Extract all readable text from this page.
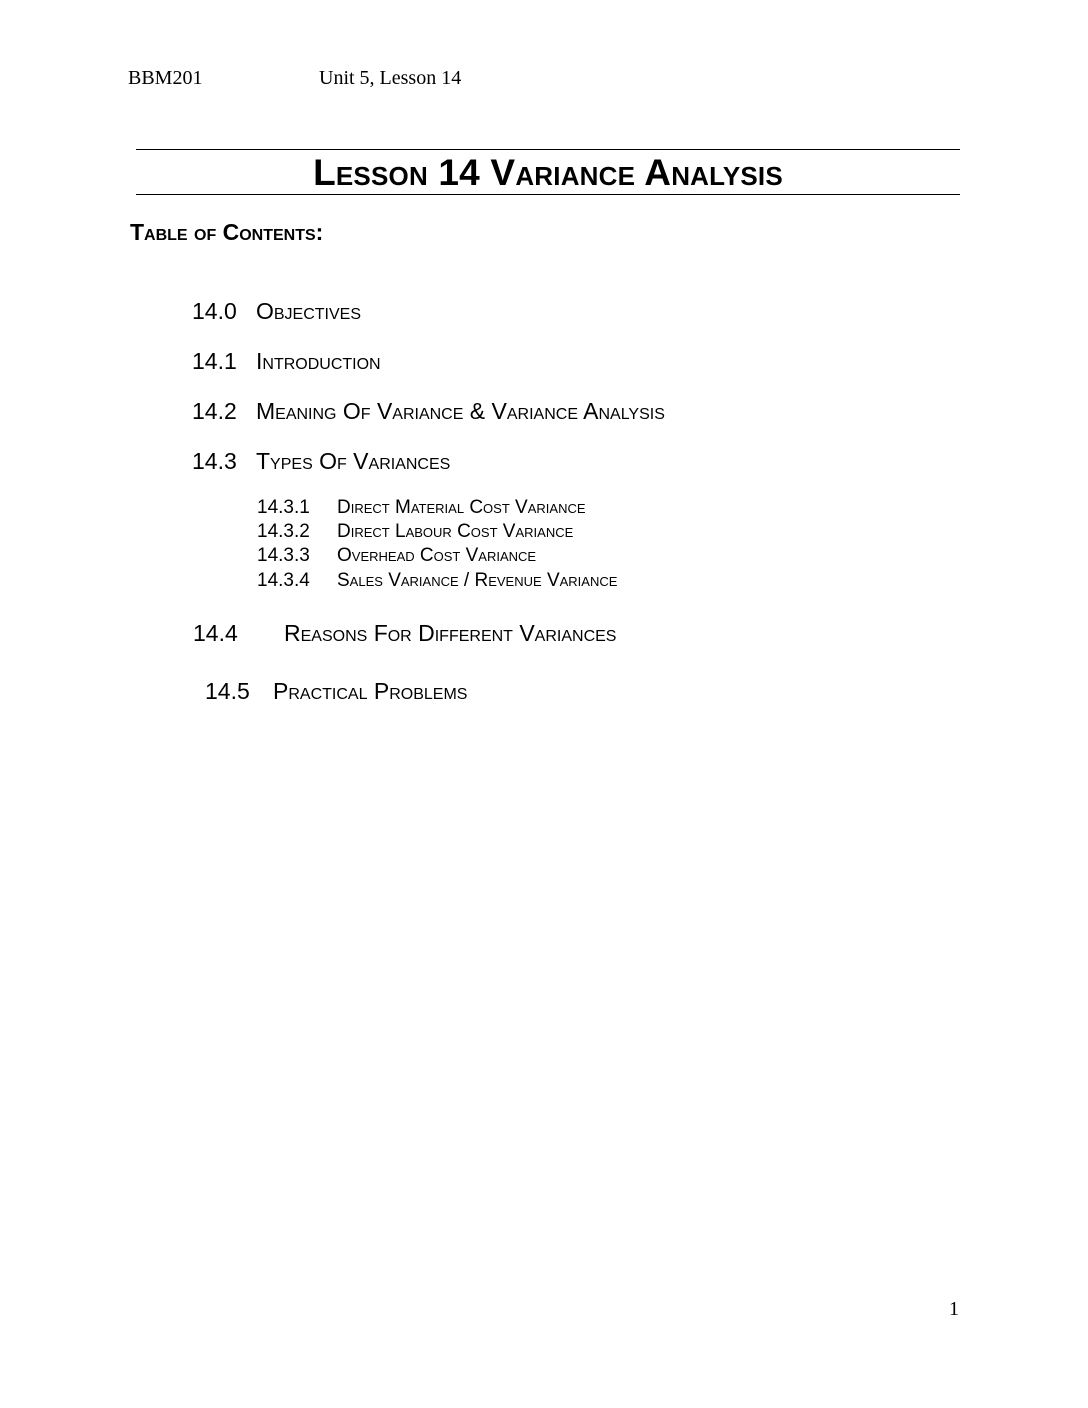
BBM201	Unit 5, Lesson 14
Lesson 14 Variance Analysis
Table of Contents:
14.0 Objectives
14.1 Introduction
14.2 Meaning Of Variance & Variance Analysis
14.3 Types Of Variances
14.3.1 Direct Material Cost Variance
14.3.2 Direct Labour Cost Variance
14.3.3 Overhead Cost Variance
14.3.4 Sales Variance / Revenue Variance
14.4 Reasons For Different Variances
14.5 Practical Problems
1
